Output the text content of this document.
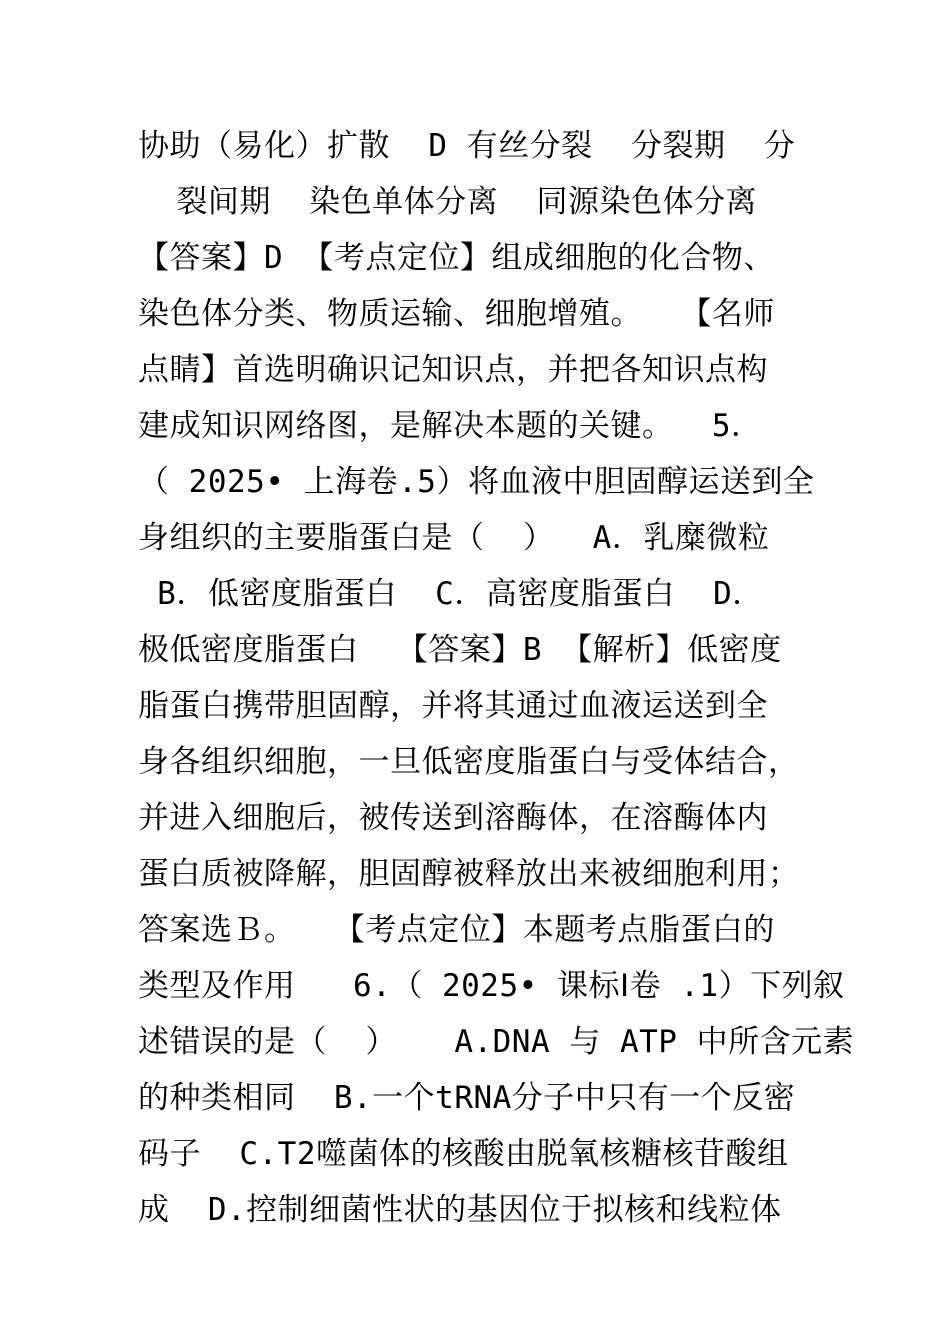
协助（易化）扩散  D 有丝分裂  分裂期  分
裂间期  染色单体分离  同源染色体分离
【答案】D 【考点定位】组成细胞的化合物、
染色体分类、物质运输、细胞增殖。  【名师
点睛】首选明确识记知识点，并把各知识点构
建成知识网络图，是解决本题的关键。  5．
（ 2025• 上海卷.5）将血液中胆固醇运送到全
身组织的主要脂蛋白是（  ）  A．乳糜微粒
B．低密度脂蛋白  C．高密度脂蛋白  D．
极低密度脂蛋白  【答案】B 【解析】低密度
脂蛋白携带胆固醇，并将其通过血液运送到全
身各组织细胞，一旦低密度脂蛋白与受体结合，
并进入细胞后，被传送到溶酶体，在溶酶体内
蛋白质被降解，胆固醇被释放出来被细胞利用；
答案选Ｂ。  【考点定位】本题考点脂蛋白的
类型及作用   6.（ 2025• 课标Ⅰ卷 .1）下列叙
述错误的是（  ）   A.DNA 与 ATP 中所含元素
的种类相同  B.一个tRNA分子中只有一个反密
码子  C.T2噬菌体的核酸由脱氧核糖核苷酸组
成  D.控制细菌性状的基因位于拟核和线粒体
